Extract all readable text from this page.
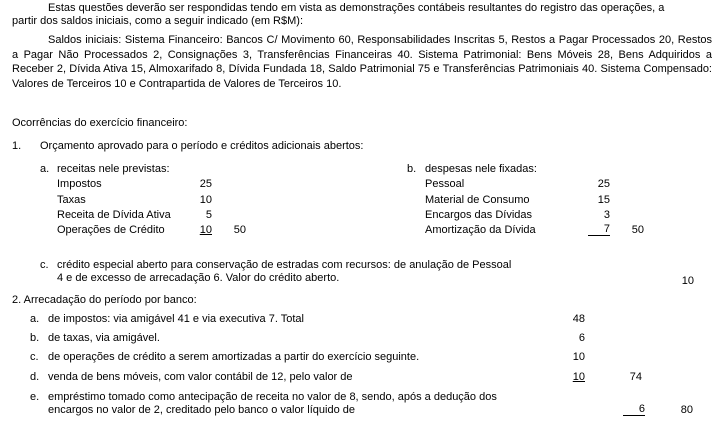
Estas questões deverão ser respondidas tendo em vista as demonstrações contábeis resultantes do registro das operações, a
partir dos saldos iniciais, como a seguir indicado (em R$M):
Saldos iniciais: Sistema Financeiro: Bancos C/ Movimento 60, Responsabilidades Inscritas 5, Restos a Pagar Processados 20, Restos a Pagar Não Processados 2, Consignações 3, Transferências Financeiras 40. Sistema Patrimonial: Bens Móveis 28, Bens Adquiridos a Receber 2, Dívida Ativa 15, Almoxarifado 8, Dívida Fundada 18, Saldo Patrimonial 75 e Transferências Patrimoniais 40. Sistema Compensado: Valores de Terceiros 10 e Contrapartida de Valores de Terceiros 10.
Ocorrências do exercício financeiro:
1. Orçamento aprovado para o período e créditos adicionais abertos:
a. receitas nele previstas:
Impostos	25
Taxas	10
Receita de Dívida Ativa	5
Operações de Crédito	10	50
b. despesas nele fixadas:
Pessoal	25
Material de Consumo	15
Encargos das Dívidas	3
Amortização da Dívida	7	50
c. crédito especial aberto para conservação de estradas com recursos: de anulação de Pessoal
4 e de excesso de arrecadação 6. Valor do crédito aberto.	10
2. Arrecadação do período por banco:
a. de impostos: via amigável 41 e via executiva 7. Total	48
b. de taxas, via amigável.	6
c. de operações de crédito a serem amortizadas a partir do exercício seguinte.	10
d. venda de bens móveis, com valor contábil de 12, pelo valor de	10	74
e. empréstimo tomado como antecipação de receita no valor de 8, sendo, após a dedução dos
encargos no valor de 2, creditado pelo banco o valor líquido de	6	80
